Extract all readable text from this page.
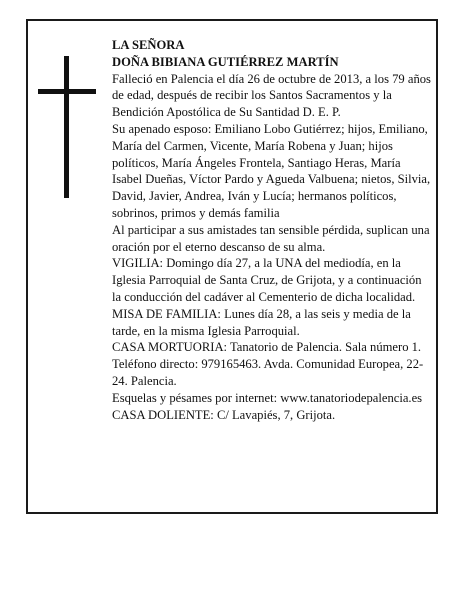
LA SEÑORA

DOÑA BIBIANA GUTIÉRREZ MARTÍN

Falleció en Palencia el día 26 de octubre de 2013, a los 79 años de edad, después de recibir los Santos Sacramentos y la Bendición Apostólica de Su Santidad D. E. P.

Su apenado esposo: Emiliano Lobo Gutiérrez; hijos, Emiliano, María del Carmen, Vicente, María Robena y Juan; hijos políticos, María Ángeles Frontela, Santiago Heras, María Isabel Dueñas, Víctor Pardo y Agueda Valbuena; nietos, Silvia, David, Javier, Andrea, Iván y Lucía; hermanos políticos, sobrinos, primos y demás familia

Al participar a sus amistades tan sensible pérdida, suplican una oración por el eterno descanso de su alma.

VIGILIA: Domingo día 27, a la UNA del mediodía, en la Iglesia Parroquial de Santa Cruz, de Grijota, y a continuación la conducción del cadáver al Cementerio de dicha localidad.

MISA DE FAMILIA: Lunes día 28, a las seis y media de la tarde, en la misma Iglesia Parroquial.

CASA MORTUORIA: Tanatorio de Palencia. Sala número 1. Teléfono directo: 979165463. Avda. Comunidad Europea, 22-24. Palencia.

Esquelas y pésames por internet: www.tanatoriodepalencia.es

CASA DOLIENTE: C/ Lavapiés, 7, Grijota.
